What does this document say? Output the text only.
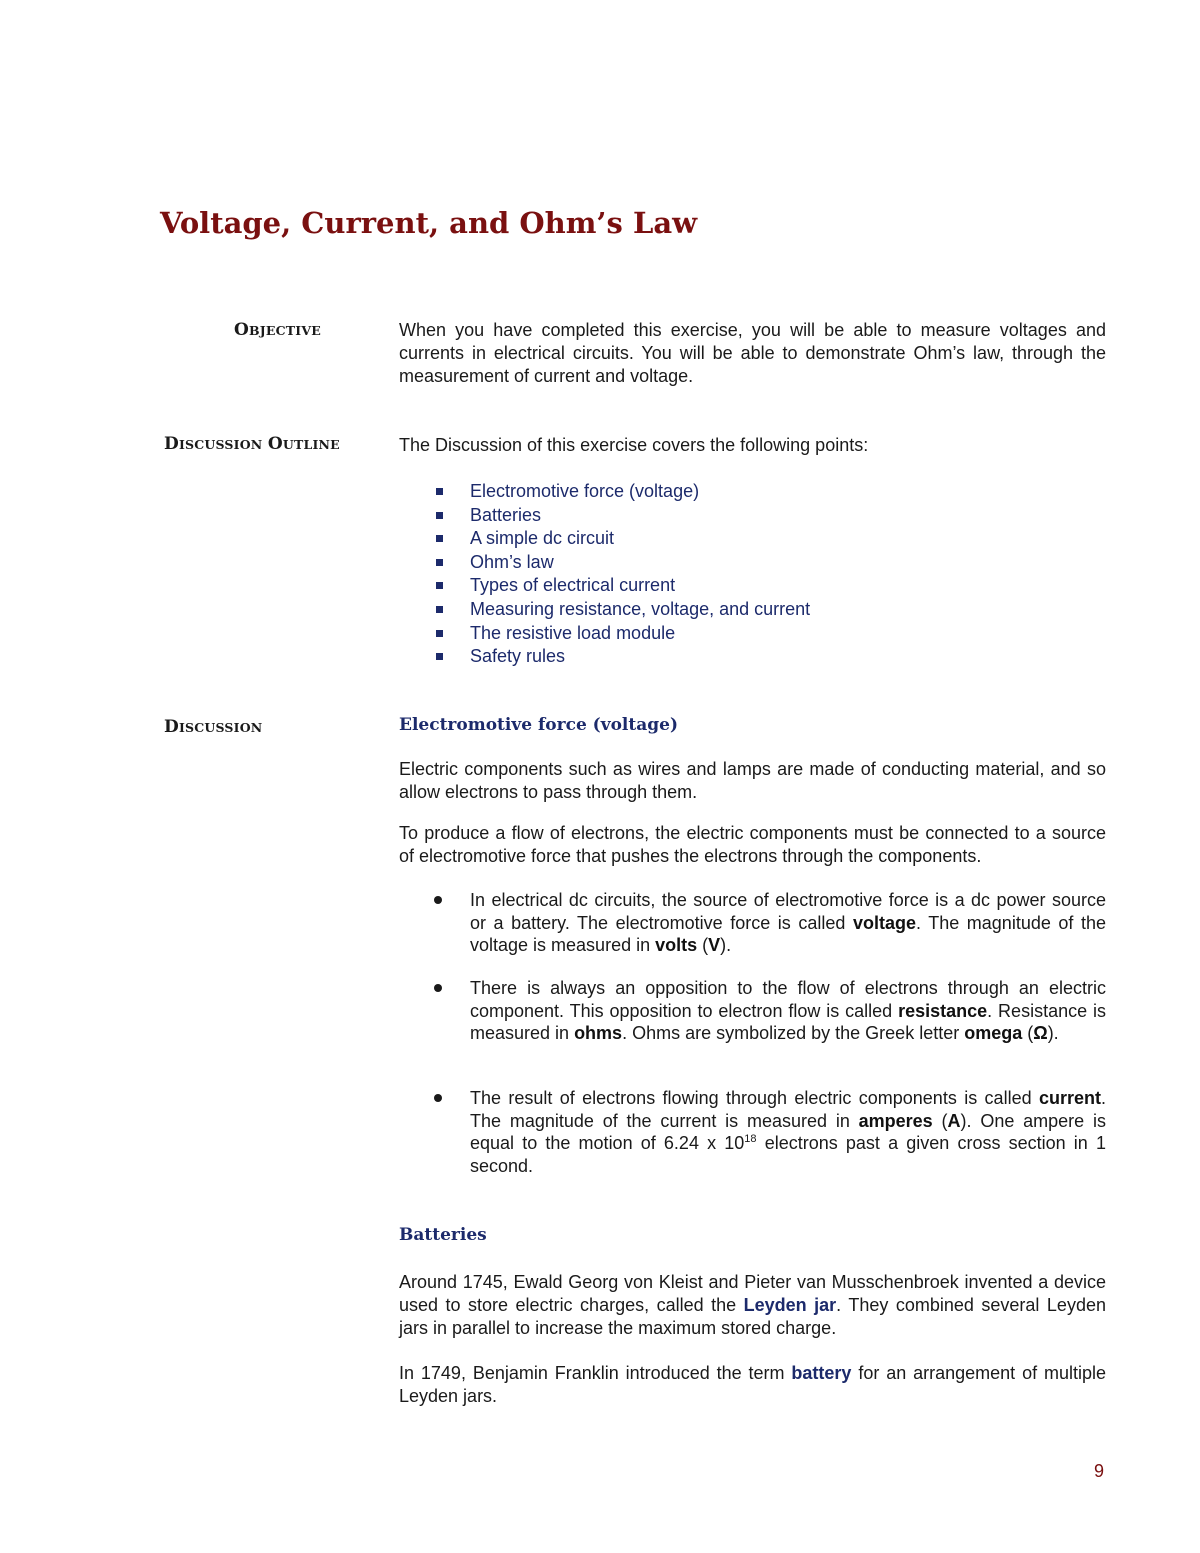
Voltage, Current, and Ohm’s Law
OBJECTIVE	When you have completed this exercise, you will be able to measure voltages and currents in electrical circuits. You will be able to demonstrate Ohm’s law, through the measurement of current and voltage.

DISCUSSION OUTLINE	The Discussion of this exercise covers the following points:

Electromotive force (voltage)
Batteries
A simple dc circuit
Ohm’s law
Types of electrical current
Measuring resistance, voltage, and current
The resistive load module
Safety rules
DISCUSSION	Electromotive force (voltage)

Electric components such as wires and lamps are made of conducting material, and so allow electrons to pass through them.

To produce a flow of electrons, the electric components must be connected to a source of electromotive force that pushes the electrons through the components.

In electrical dc circuits, the source of electromotive force is a dc power source or a battery. The electromotive force is called voltage. The magnitude of the voltage is measured in volts (V).
There is always an opposition to the flow of electrons through an electric component. This opposition to electron flow is called resistance. Resistance is measured in ohms. Ohms are symbolized by the Greek letter omega (Ω).
The result of electrons flowing through electric components is called current. The magnitude of the current is measured in amperes (A). One ampere is equal to the motion of 6.24 x $10^{18}$ electrons past a given cross section in 1 second.
Batteries

Around 1745, Ewald Georg von Kleist and Pieter van Musschenbroek invented a device used to store electric charges, called the Leyden jar. They combined several Leyden jars in parallel to increase the maximum stored charge.

In 1749, Benjamin Franklin introduced the term battery for an arrangement of multiple Leyden jars.

9
